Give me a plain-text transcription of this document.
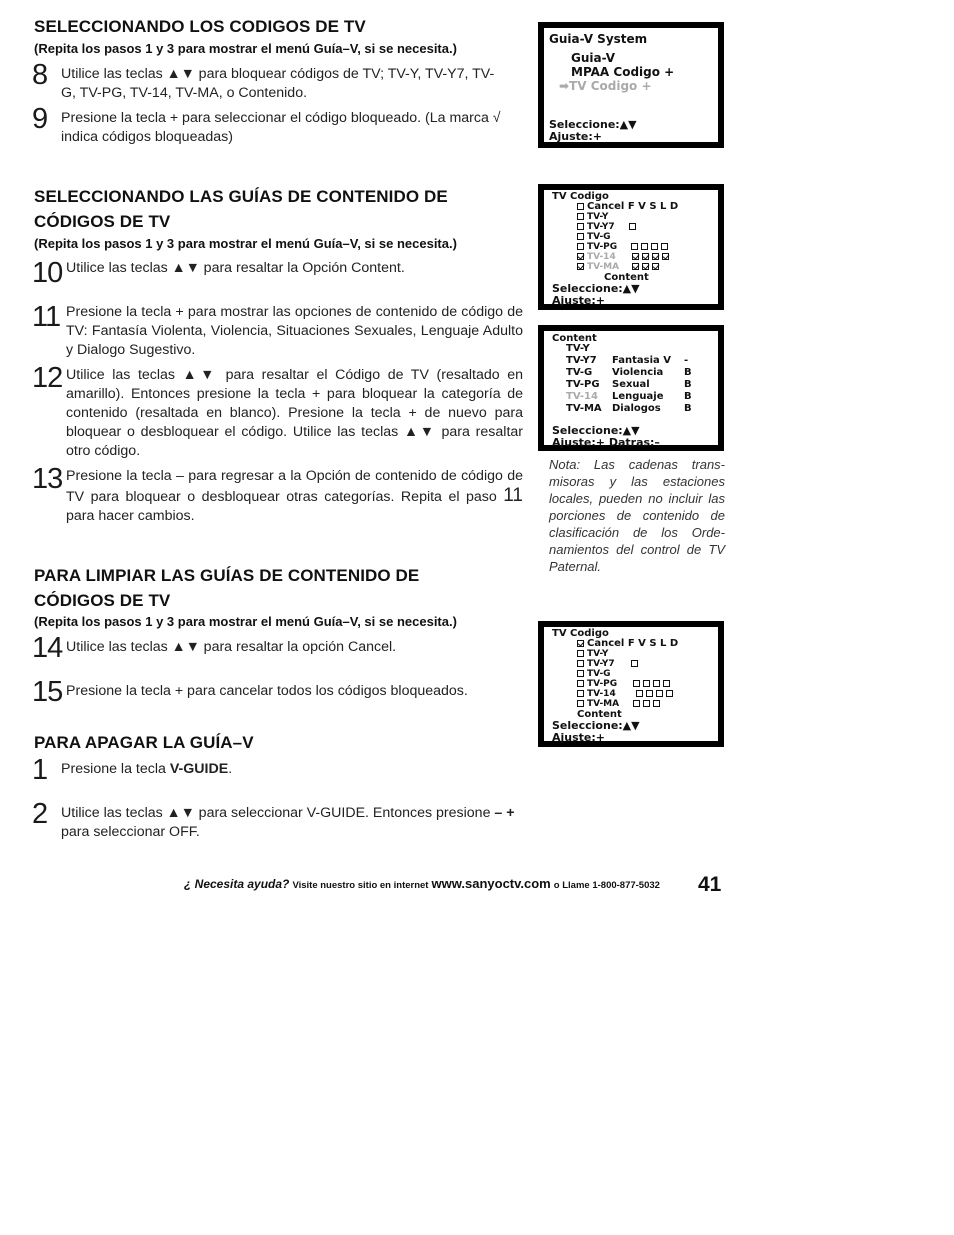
SELECCIONANDO LOS CODIGOS DE TV
(Repita los pasos 1 y 3 para mostrar el menú Guía–V, si se necesita.)
8 Utilice las teclas ▲▼ para bloquear códigos de TV; TV-Y, TV-Y7, TV-G, TV-PG, TV-14, TV-MA, o Contenido.
9 Presione la tecla + para seleccionar el código bloqueado. (La marca √ indica códigos bloqueadas)
SELECCIONANDO LAS GUÍAS DE CONTENIDO DE
CÓDIGOS DE TV
(Repita los pasos 1 y 3 para mostrar el menú Guía–V, si se necesita.)
10 Utilice las teclas ▲▼ para resaltar la Opción Content.
11 Presione la tecla + para mostrar las opciones de contenido de código de TV: Fantasía Violenta, Violencia, Situaciones Sexuales, Lenguaje Adulto y Dialogo Sugestivo.
12 Utilice las teclas ▲▼ para resaltar el Código de TV (resaltado en amarillo). Entonces presione la tecla + para bloquear la categoría de contenido (resaltada en blanco). Presione la tecla + de nuevo para bloquear o desbloquear el código. Utilice las teclas ▲▼ para resaltar otro código.
13 Presione la tecla – para regresar a la Opción de contenido de código de TV para bloquear o desbloquear otras categorías. Repita el paso 11 para hacer cambios.
PARA LIMPIAR LAS GUÍAS DE CONTENIDO DE
CÓDIGOS DE TV
(Repita los pasos 1 y 3 para mostrar el menú Guía–V, si se necesita.)
14 Utilice las teclas ▲▼ para resaltar la opción Cancel.
15 Presione la tecla + para cancelar todos los códigos bloqueados.
PARA APAGAR LA GUÍA–V
1 Presione la tecla V-GUIDE.
2 Utilice las teclas ▲▼ para seleccionar V-GUIDE. Entonces presione – + para seleccionar OFF.
Guia-V System
Guia-V
MPAA Codigo +
➡TV Codigo +
Seleccione:▲▼
Ajuste:+
TV Codigo
Cancel F V S L D
TV-Y
TV-Y7
TV-G
TV-PG
TV-14
TV-MA
Content
Seleccione:▲▼
Ajuste:+
Content
TV-Y
TV-Y7 Fantasia V -
TV-G Violencia B
TV-PG Sexual	B
TV-14 Lenguaje B
TV-MA Dialogos B
Seleccione:▲▼
Ajuste:+ Datras:–
Nota: Las cadenas trans-misoras y las estaciones locales, pueden no incluir las porciones de contenido de clasificación de los Orde-namientos del control de TV Paternal.
TV Codigo
Cancel F V S L D
TV-Y
TV-Y7
TV-G
TV-PG
TV-14
TV-MA
Content
Seleccione:▲▼
Ajuste:+
¿ Necesita ayuda? Visite nuestro sitio en internet www.sanyoctv.com o Llame 1-800-877-5032 41
